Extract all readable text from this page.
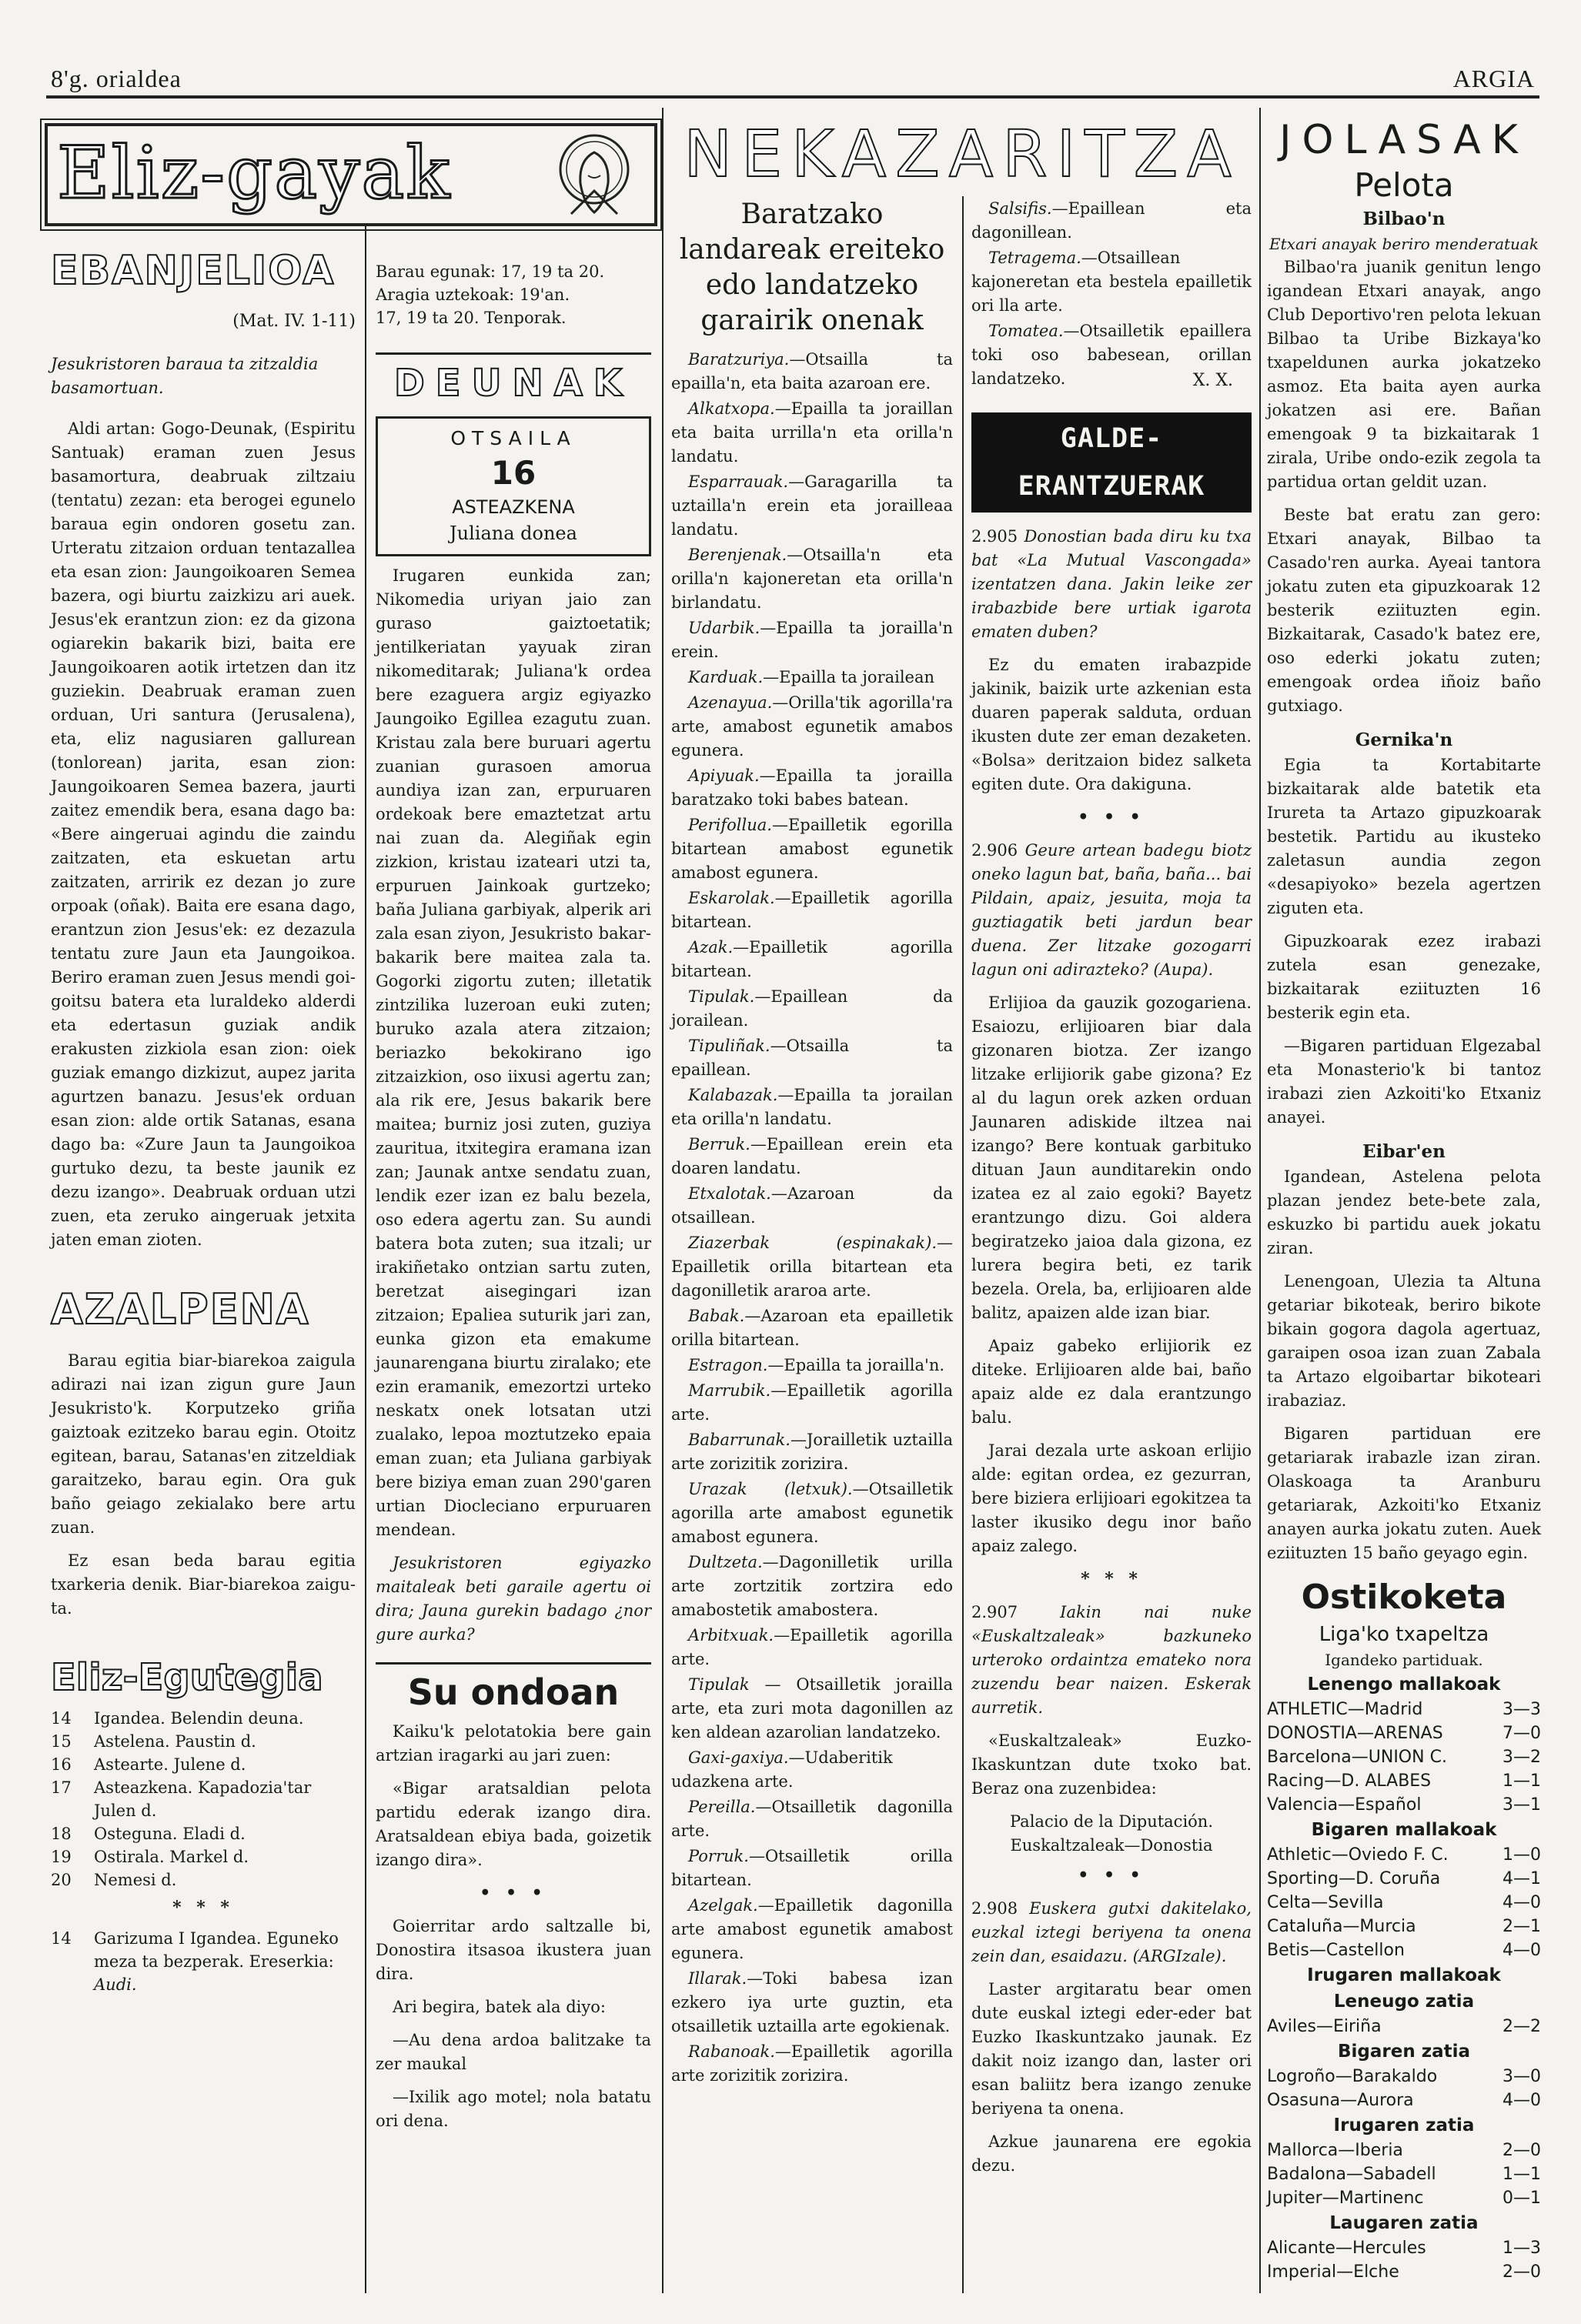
8'g. orialdea	ARGIA
Eliz-gayak
EBANJELIOA
(Mat. IV. 1-11)
Jesukristoren baraua ta zitzaldia basamortuan.

Aldi artan: Gogo-Deunak, (Espiritu Santuak) eraman zuen Jesus basamortura, deabruak ziltzaiu (tentatu) zezan: eta berogei egunelo baraua egin ondoren gosetu zan. Urteratu zitzaion orduan tentazallea eta esan zion: Jaungoikoaren Semea bazera, ogi biurtu zaizkizu ari auek. Jesus'ek erantzun zion: ez da gizona ogiarekin bakarik bizi, baita ere Jaungoikoaren aotik irtetzen dan itz guziekin. Deabruak eraman zuen orduan, Uri santura (Jerusalena), eta, eliz nagusiaren gallurean (tonlorean) jarita, esan zion: Jaungoikoaren Semea bazera, jaurti zaitez emendik bera, esana dago ba: «Bere aingeruai agindu die zaindu zaitzaten, eta eskuetan artu zaitzaten, arririk ez dezan jo zure orpoak (oñak). Baita ere esana dago, erantzun zion Jesus'ek: ez dezazula tentatu zure Jaun eta Jaungoikoa. Beriro eraman zuen Jesus mendi goi-goitsu batera eta luraldeko alderdi eta edertasun guziak andik erakusten zizkiola esan zion: oiek guziak emango dizkizut, aupez jarita agurtzen banazu. Jesus'ek orduan esan zion: alde ortik Satanas, esana dago ba: «Zure Jaun ta Jaungoikoa gurtuko dezu, ta beste jaunik ez dezu izango». Deabruak orduan utzi zuen, eta zeruko aingeruak jetxita jaten eman zioten.

AZALPENA

Barau egitia biar-biarekoa zaigula adirazi nai izan zigun gure Jaun Jesukristo'k. Korputzeko griña gaiztoak ezitzeko barau egin. Otoitz egitean, barau, Satanas'en zitzeldiak garaitzeko, barau egin. Ora guk baño geiago zekialako bere artu zuan.

Ez esan beda barau egitia txarkeria denik. Biar-biarekoa zaigu-ta.

Eliz-Egutegia
14	Igandea. Belendin deuna.
15	Astelena. Paustin d.
16	Astearte. Julene d.
17	Asteazkena. Kapadozia'tar Julen d.
18	Osteguna. Eladi d.
19	Ostirala. Markel d.
20	Nemesi d.
* * *
14	Garizuma I Igandea. Eguneko meza ta bezperak. Ereserkia: Audi.
Barau egunak: 17, 19 ta 20.
Aragia uztekoak: 19'an.
17, 19 ta 20. Tenporak.
DEUNAK
OTSAILA
16
ASTEAZKENA
Juliana donea

Irugaren eunkida zan; Nikomedia uriyan jaio zan guraso gaiztoetatik; jentilkeriatan yayuak ziran nikomeditarak; Juliana'k ordea bere ezaguera argiz egiyazko Jaungoiko Egillea ezagutu zuan. Kristau zala bere buruari agertu zuanian gurasoen amorua aundiya izan zan, erpuruaren ordekoak bere emaztetzat artu nai zuan da. Alegiñak egin zizkion, kristau izateari utzi ta, erpuruen Jainkoak gurtzeko; baña Juliana garbiyak, alperik ari zala esan ziyon, Jesukristo bakar-bakarik bere maitea zala ta. Gogorki zigortu zuten; illetatik zintzilika luzeroan euki zuten; buruko azala atera zitzaion; beriazko bekokirano igo zitzaizkion, oso iixusi agertu zan; ala rik ere, Jesus bakarik bere maitea; burniz josi zuten, guziya zauritua, itxitegira eramana izan zan; Jaunak antxe sendatu zuan, lendik ezer izan ez balu bezela, oso edera agertu zan. Su aundi batera bota zuten; sua itzali; ur irakiñetako ontzian sartu zuten, beretzat aisegingari izan zitzaion; Epaliea suturik jari zan, eunka gizon eta emakume jaunarengana biurtu ziralako; ete ezin eramanik, emezortzi urteko neskatx onek lotsatan utzi zualako, lepoa moztutzeko epaia eman zuan; eta Juliana garbiyak bere biziya eman zuan 290'garen urtian Diocleciano erpuruaren mendean.

Jesukristoren egiyazko maitaleak beti garaile agertu oi dira; Jauna gurekin badago ¿nor gure aurka?

Su ondoan

Kaiku'k pelotatokia bere gain artzian iragarki au jari zuen:

«Bigar aratsaldian pelota partidu ederak izango dira. Aratsaldean ebiya bada, goizetik izango dira».

• • •

Goierritar ardo saltzalle bi, Donostira itsasoa ikustera juan dira.

Ari begira, batek ala diyo:

—Au dena ardoa balitzake ta zer maukal

—Ixilik ago motel; nola batatu ori dena.

NEKAZARITZA
Baratzako landareak ereiteko edo landatzeko garairik onenak
Baratzuriya.—Otsailla ta epailla'n, eta baita azaroan ere.
Alkatxopa.—Epailla ta joraillan eta baita urrilla'n eta orilla'n landatu.
Esparrauak.—Garagarilla ta uztailla'n erein eta jorailleaa landatu.
Berenjenak.—Otsailla'n eta orilla'n kajoneretan eta orilla'n birlandatu.
Udarbik.—Epailla ta jorailla'n erein.
Karduak.—Epailla ta jorailean
Azenayua.—Orilla'tik agorilla'ra arte, amabost egunetik amabos egunera.
Apiyuak.—Epailla ta jorailla baratzako toki babes batean.
Perifollua.—Epailletik egorilla bitartean amabost egunetik amabost egunera.
Eskarolak.—Epailletik agorilla bitartean.
Azak.—Epailletik agorilla bitartean.
Tipulak.—Epaillean da jorailean.
Tipuliñak.—Otsailla ta epaillean.
Kalabazak.—Epailla ta jorailan eta orilla'n landatu.
Berruk.—Epaillean erein eta doaren landatu.
Etxalotak.—Azaroan da otsaillean.
Ziazerbak (espinakak).—Epailletik orilla bitartean eta dagonilletik araroa arte.
Babak.—Azaroan eta epailletik orilla bitartean.
Estragon.—Epailla ta jorailla'n.
Marrubik.—Epailletik agorilla arte.
Babarrunak.—Jorailletik uztailla arte zorizitik zorizira.
Urazak (letxuk).—Otsailletik agorilla arte amabost egunetik amabost egunera.
Dultzeta.—Dagonilletik urilla arte zortzitik zortzira edo amabostetik amabostera.
Arbitxuak.—Epailletik agorilla arte.
Tipulak — Otsailletik jorailla arte, eta zuri mota dagonillen az ken aldean azarolian landatzeko.
Gaxi-gaxiya.—Udaberitik udazkena arte.
Pereilla.—Otsailletik dagonilla arte.
Porruk.—Otsailletik orilla bitartean.
Azelgak.—Epailletik dagonilla arte amabost egunetik amabost egunera.
Illarak.—Toki babesa izan ezkero iya urte guztin, eta otsailletik uztailla arte egokienak.
Rabanoak.—Epailletik agorilla arte zorizitik zorizira.
Salsifis.—Epaillean eta dagonillean.
Tetragema.—Otsaillean kajoneretan eta bestela epailletik ori lla arte.
Tomatea.—Otsailletik epaillera toki oso babesean, orillan landatzeko.	X. X.
GALDE-ERANTZUERAK

2.905 Donostian bada diru ku txa bat «La Mutual Vascongada» izentatzen dana. Jakin leike zer irabazbide bere urtiak igarota ematen duben?

Ez du ematen irabazpide jakinik, baizik urte azkenian esta duaren paperak salduta, orduan ikusten dute zer eman dezaketen. «Bolsa» deritzaion bidez salketa egiten dute. Ora dakiguna.

• • •

2.906 Geure artean badegu biotz oneko lagun bat, baña, baña... bai Pildain, apaiz, jesuita, moja ta guztiagatik beti jardun bear duena. Zer litzake gozogarri lagun oni adirazteko? (Aupa).

Erlijioa da gauzik gozogariena. Esaiozu, erlijioaren biar dala gizonaren biotza. Zer izango litzake erlijiorik gabe gizona? Ez al du lagun orek azken orduan Jaunaren adiskide iltzea nai izango? Bere kontuak garbituko dituan Jaun aunditarekin ondo izatea ez al zaio egoki? Bayetz erantzungo dizu. Goi aldera begiratzeko jaioa dala gizona, ez lurera begira beti, ez tarik bezela. Orela, ba, erlijioaren alde balitz, apaizen alde izan biar.

Apaiz gabeko erlijiorik ez diteke. Erlijioaren alde bai, baño apaiz alde ez dala erantzungo balu.

Jarai dezala urte askoan erlijio alde: egitan ordea, ez gezurran, bere biziera erlijioari egokitzea ta laster ikusiko degu inor baño apaiz zalego.

* * *

2.907	Iakin nai nuke «Euskaltzaleak» bazkuneko urteroko ordaintza emateko nora zuzendu bear naizen. Eskerak aurretik.

«Euskaltzaleak» Euzko-Ikaskuntzan dute txoko bat. Beraz ona zuzenbidea:

Palacio de la Diputación.
Euskaltzaleak—Donostia
• • •

2.908 Euskera gutxi dakitelako, euzkal iztegi beriyena ta onena zein dan, esaidazu. (ARGIzale).

Laster argitaratu bear omen dute euskal iztegi eder-eder bat Euzko Ikaskuntzako jaunak. Ez dakit noiz izango dan, laster ori esan baliitz bera izango zenuke beriyena ta onena.

Azkue jaunarena ere egokia dezu.

JOLASAK
Pelota
Bilbao'n
Etxari anayak beriro menderatuak

Bilbao'ra juanik genitun lengo igandean Etxari anayak, ango Club Deportivo'ren pelota lekuan Bilbao ta Uribe Bizkaya'ko txapeldunen aurka jokatzeko asmoz. Eta baita ayen aurka jokatzen asi ere. Bañan emengoak 9 ta bizkaitarak 1 zirala, Uribe ondo-ezik zegola ta partidua ortan geldit uzan.

Beste bat eratu zan gero: Etxari anayak, Bilbao ta Casado'ren aurka. Ayeai tantora jokatu zuten eta gipuzkoarak 12 besterik eziituzten egin. Bizkaitarak, Casado'k batez ere, oso ederki jokatu zuten; emengoak ordea iñoiz baño gutxiago.

Gernika'n

Egia ta Kortabitarte bizkaitarak alde batetik eta Irureta ta Artazo gipuzkoarak bestetik. Partidu au ikusteko zaletasun aundia zegon «desapiyoko» bezela agertzen ziguten eta.

Gipuzkoarak ezez irabazi zutela esan genezake, bizkaitarak eziituzten 16 besterik egin eta.

—Bigaren partiduan Elgezabal eta Monasterio'k bi tantoz irabazi zien Azkoiti'ko Etxaniz anayei.

Eibar'en

Igandean, Astelena pelota plazan jendez bete-bete zala, eskuzko bi partidu auek jokatu ziran.

Lenengoan, Ulezia ta Altuna getariar bikoteak, beriro bikote bikain gogora dagola agertuaz, garaipen osoa izan zuan Zabala ta Artazo elgoibartar bikoteari irabaziaz.

Bigaren partiduan ere getariarak irabazle izan ziran. Olaskoaga ta Aranburu getariarak, Azkoiti'ko Etxaniz anayen aurka jokatu zuten. Auek eziituzten 15 baño geyago egin.

Ostikoketa
Liga'ko txapeltza
Igandeko partiduak.
Lenengo mallakoak
ATHLETIC—Madrid	3—3
DONOSTIA—ARENAS	7—0
Barcelona—UNION C.	3—2
Racing—D. ALABES	1—1
Valencia—Español	3—1
Bigaren mallakoak
Athletic—Oviedo F. C.	1—0
Sporting—D. Coruña	4—1
Celta—Sevilla	4—0
Cataluña—Murcia	2—1
Betis—Castellon	4—0
Irugaren mallakoak
Leneugo zatia
Aviles—Eiriña	2—2
Bigaren zatia
Logroño—Barakaldo	3—0
Osasuna—Aurora	4—0
Irugaren zatia
Mallorca—Iberia	2—0
Badalona—Sabadell	1—1
Jupiter—Martinenc	0—1
Laugaren zatia
Alicante—Hercules	1—3
Imperial—Elche	2—0
